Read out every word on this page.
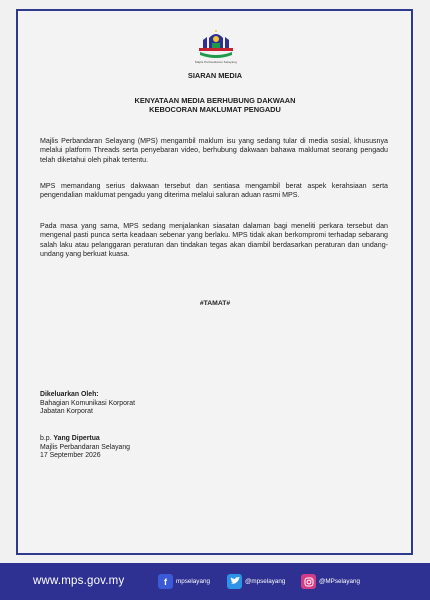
Majlis Perbandaran Selayang
SIARAN MEDIA
KENYATAAN MEDIA BERHUBUNG DAKWAAN
KEBOCORAN MAKLUMAT PENGADU
Majlis Perbandaran Selayang (MPS) mengambil maklum isu yang sedang tular di media sosial, khususnya melalui platform Threads serta penyebaran video, berhubung dakwaan bahawa maklumat seorang pengadu telah diketahui oleh pihak tertentu.
MPS memandang serius dakwaan tersebut dan sentiasa mengambil berat aspek kerahsiaan serta pengendalian maklumat pengadu yang diterima melalui saluran aduan rasmi MPS.
Pada masa yang sama, MPS sedang menjalankan siasatan dalaman bagi meneliti perkara tersebut dan mengenal pasti punca serta keadaan sebenar yang berlaku. MPS tidak akan berkompromi terhadap sebarang salah laku atau pelanggaran peraturan dan tindakan tegas akan diambil berdasarkan peraturan dan undang-undang yang berkuat kuasa.
#TAMAT#
Dikeluarkan Oleh:
Bahagian Komunikasi Korporat
Jabatan Korporat
b.p. Yang Dipertua
Majlis Perbandaran Selayang
17 September 2026
www.mps.gov.my	f	mpselayang	@mpselayang	@MPselayang
